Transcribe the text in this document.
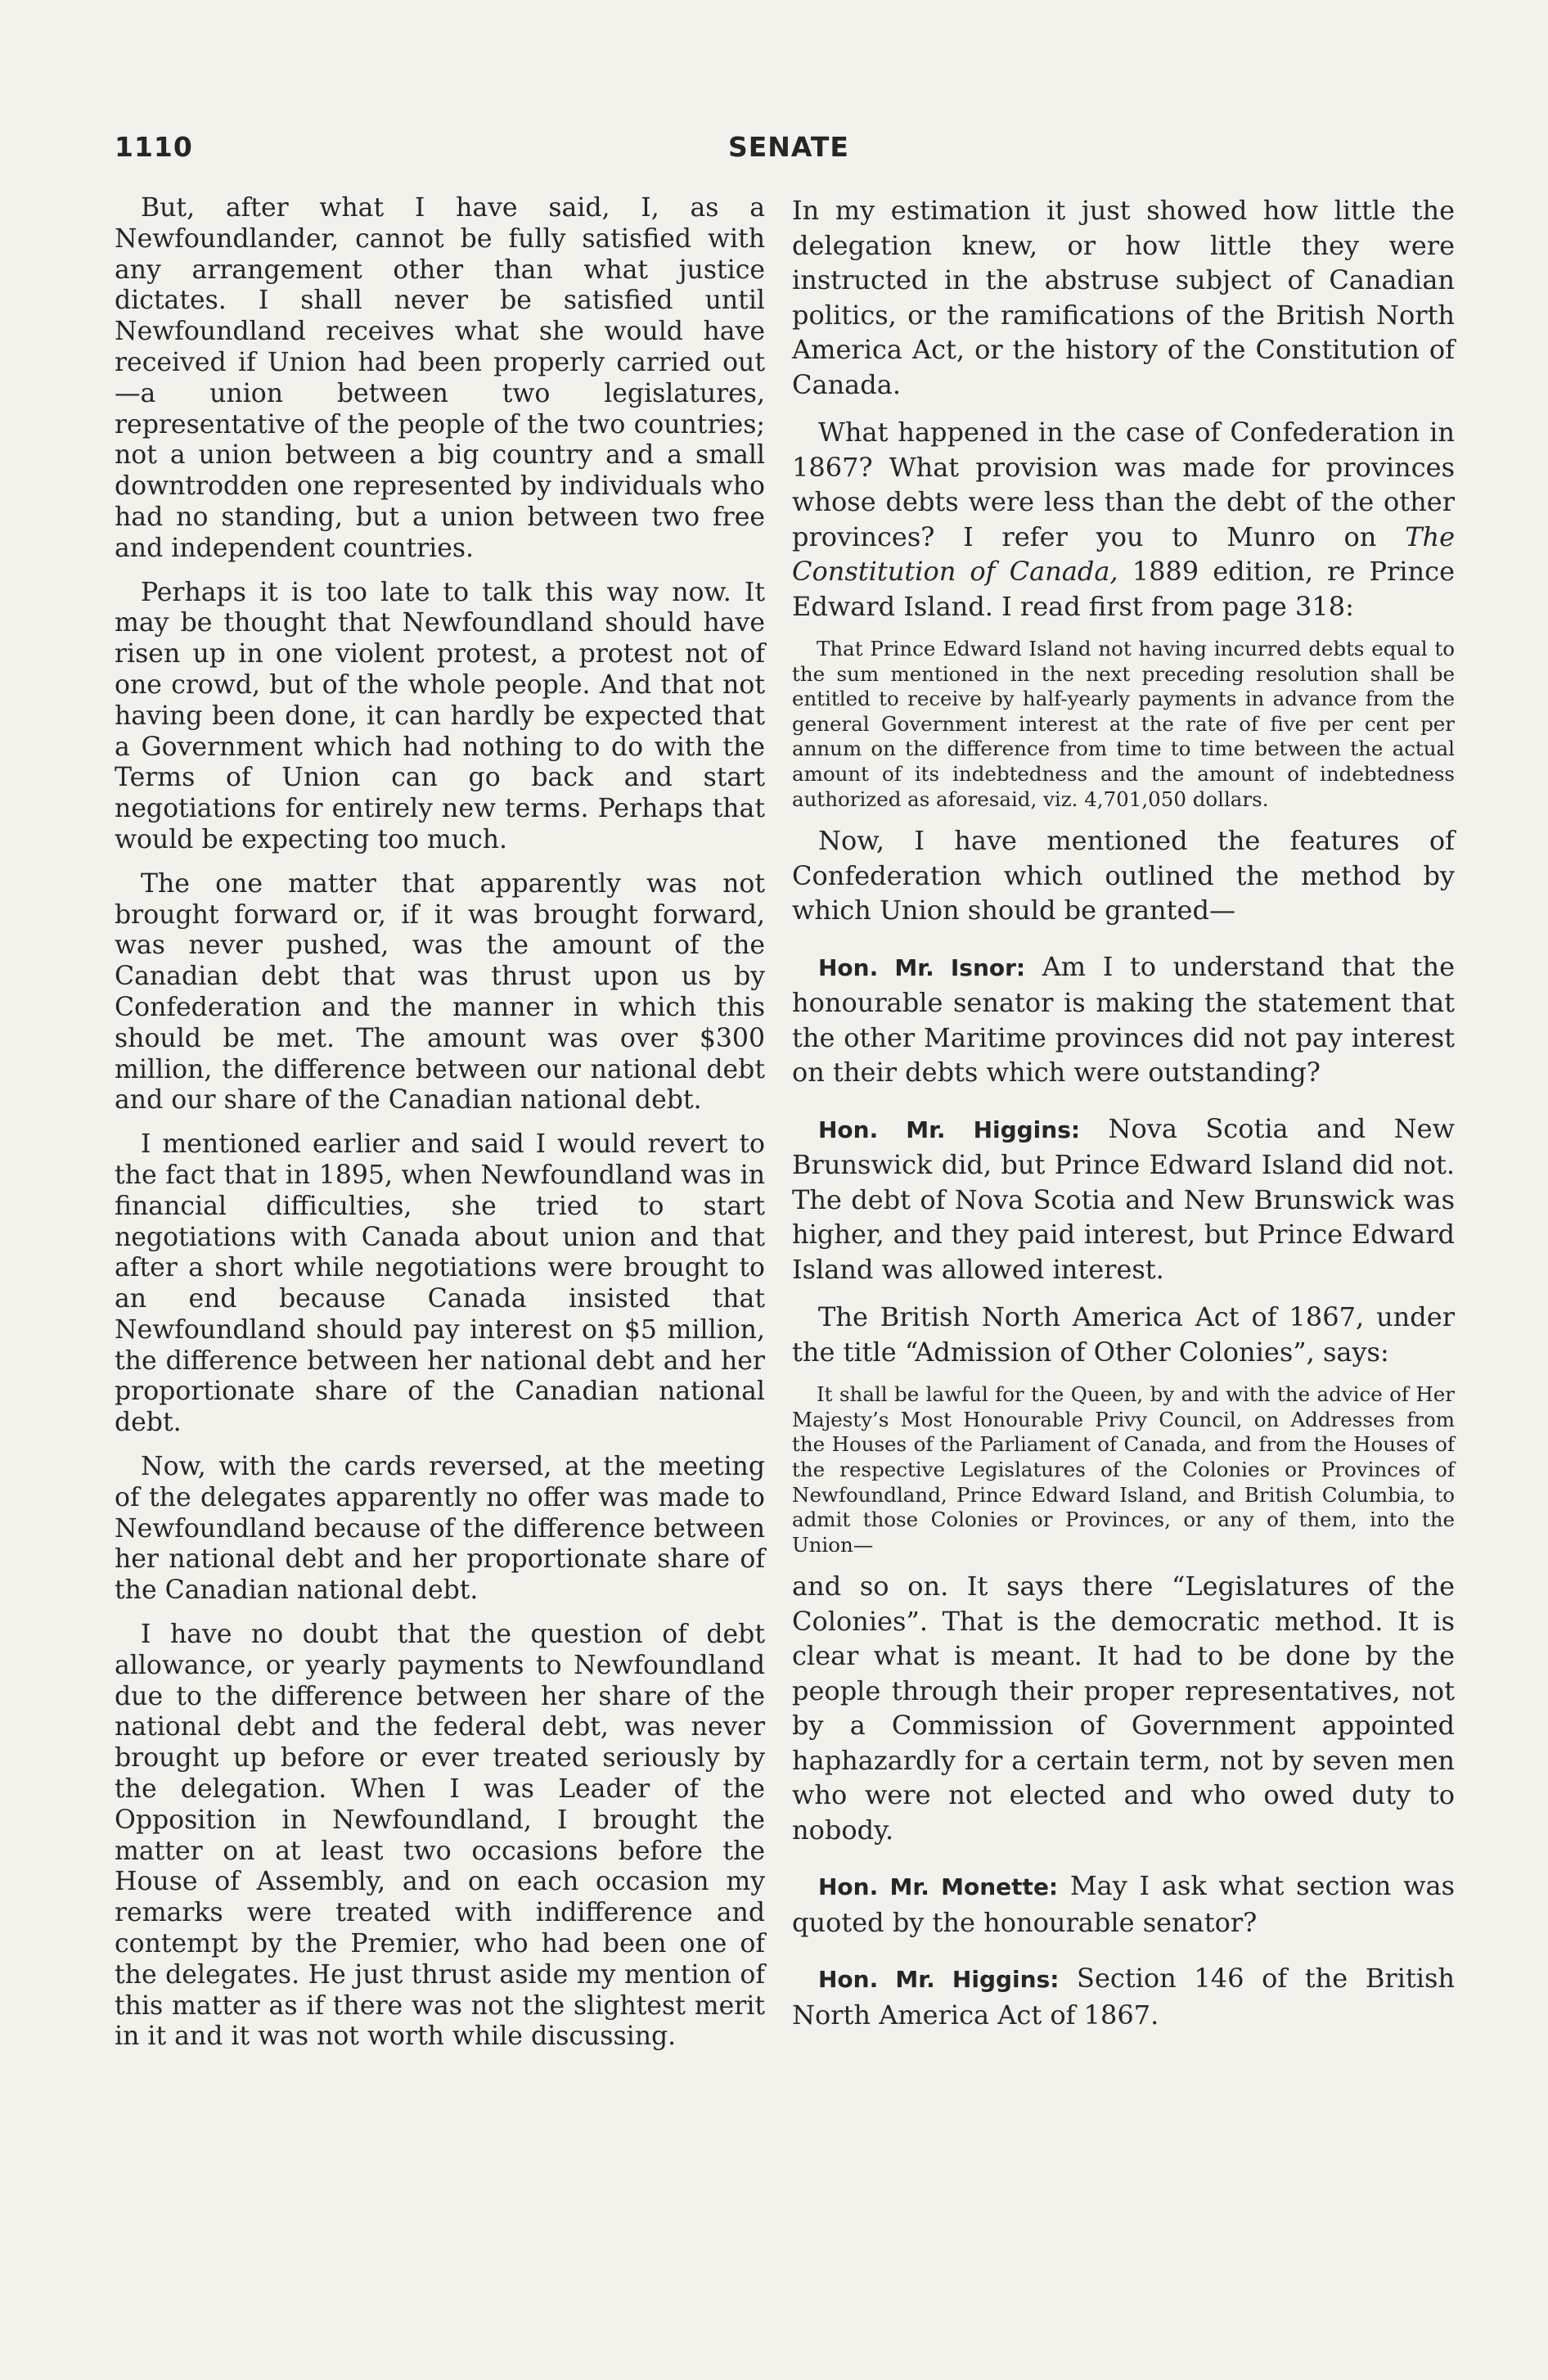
1110	SENATE

But, after what I have said, I, as a Newfoundlander, cannot be fully satisfied with any arrangement other than what justice dictates. I shall never be satisfied until Newfoundland receives what she would have received if Union had been properly carried out—a union between two legislatures, representative of the people of the two countries; not a union between a big country and a small downtrodden one represented by individuals who had no standing, but a union between two free and independent countries.

Perhaps it is too late to talk this way now. It may be thought that Newfoundland should have risen up in one violent protest, a protest not of one crowd, but of the whole people. And that not having been done, it can hardly be expected that a Government which had nothing to do with the Terms of Union can go back and start negotiations for entirely new terms. Perhaps that would be expecting too much.

The one matter that apparently was not brought forward or, if it was brought forward, was never pushed, was the amount of the Canadian debt that was thrust upon us by Confederation and the manner in which this should be met. The amount was over $300 million, the difference between our national debt and our share of the Canadian national debt.

I mentioned earlier and said I would revert to the fact that in 1895, when Newfoundland was in financial difficulties, she tried to start negotiations with Canada about union and that after a short while negotiations were brought to an end because Canada insisted that Newfoundland should pay interest on $5 million, the difference between her national debt and her proportionate share of the Canadian national debt.

Now, with the cards reversed, at the meeting of the delegates apparently no offer was made to Newfoundland because of the difference between her national debt and her proportionate share of the Canadian national debt.

I have no doubt that the question of debt allowance, or yearly payments to Newfoundland due to the difference between her share of the national debt and the federal debt, was never brought up before or ever treated seriously by the delegation. When I was Leader of the Opposition in Newfoundland, I brought the matter on at least two occasions before the House of Assembly, and on each occasion my remarks were treated with indifference and contempt by the Premier, who had been one of the delegates. He just thrust aside my mention of this matter as if there was not the slightest merit in it and it was not worth while discussing.

In my estimation it just showed how little the delegation knew, or how little they were instructed in the abstruse subject of Canadian politics, or the ramifications of the British North America Act, or the history of the Constitution of Canada.

What happened in the case of Confederation in 1867? What provision was made for provinces whose debts were less than the debt of the other provinces? I refer you to Munro on The Constitution of Canada, 1889 edition, re Prince Edward Island. I read first from page 318:

That Prince Edward Island not having incurred debts equal to the sum mentioned in the next preceding resolution shall be entitled to receive by half-yearly payments in advance from the general Government interest at the rate of five per cent per annum on the difference from time to time between the actual amount of its indebtedness and the amount of indebtedness authorized as aforesaid, viz. 4,701,050 dollars.

Now, I have mentioned the features of Confederation which outlined the method by which Union should be granted—

Hon. Mr. Isnor: Am I to understand that the honourable senator is making the statement that the other Maritime provinces did not pay interest on their debts which were outstanding?

Hon. Mr. Higgins: Nova Scotia and New Brunswick did, but Prince Edward Island did not. The debt of Nova Scotia and New Brunswick was higher, and they paid interest, but Prince Edward Island was allowed interest.

The British North America Act of 1867, under the title “Admission of Other Colonies”, says:

It shall be lawful for the Queen, by and with the advice of Her Majesty’s Most Honourable Privy Council, on Addresses from the Houses of the Parliament of Canada, and from the Houses of the respective Legislatures of the Colonies or Provinces of Newfoundland, Prince Edward Island, and British Columbia, to admit those Colonies or Provinces, or any of them, into the Union—

and so on. It says there “Legislatures of the Colonies”. That is the democratic method. It is clear what is meant. It had to be done by the people through their proper representatives, not by a Commission of Government appointed haphazardly for a certain term, not by seven men who were not elected and who owed duty to nobody.

Hon. Mr. Monette: May I ask what section was quoted by the honourable senator?

Hon. Mr. Higgins: Section 146 of the British North America Act of 1867.
